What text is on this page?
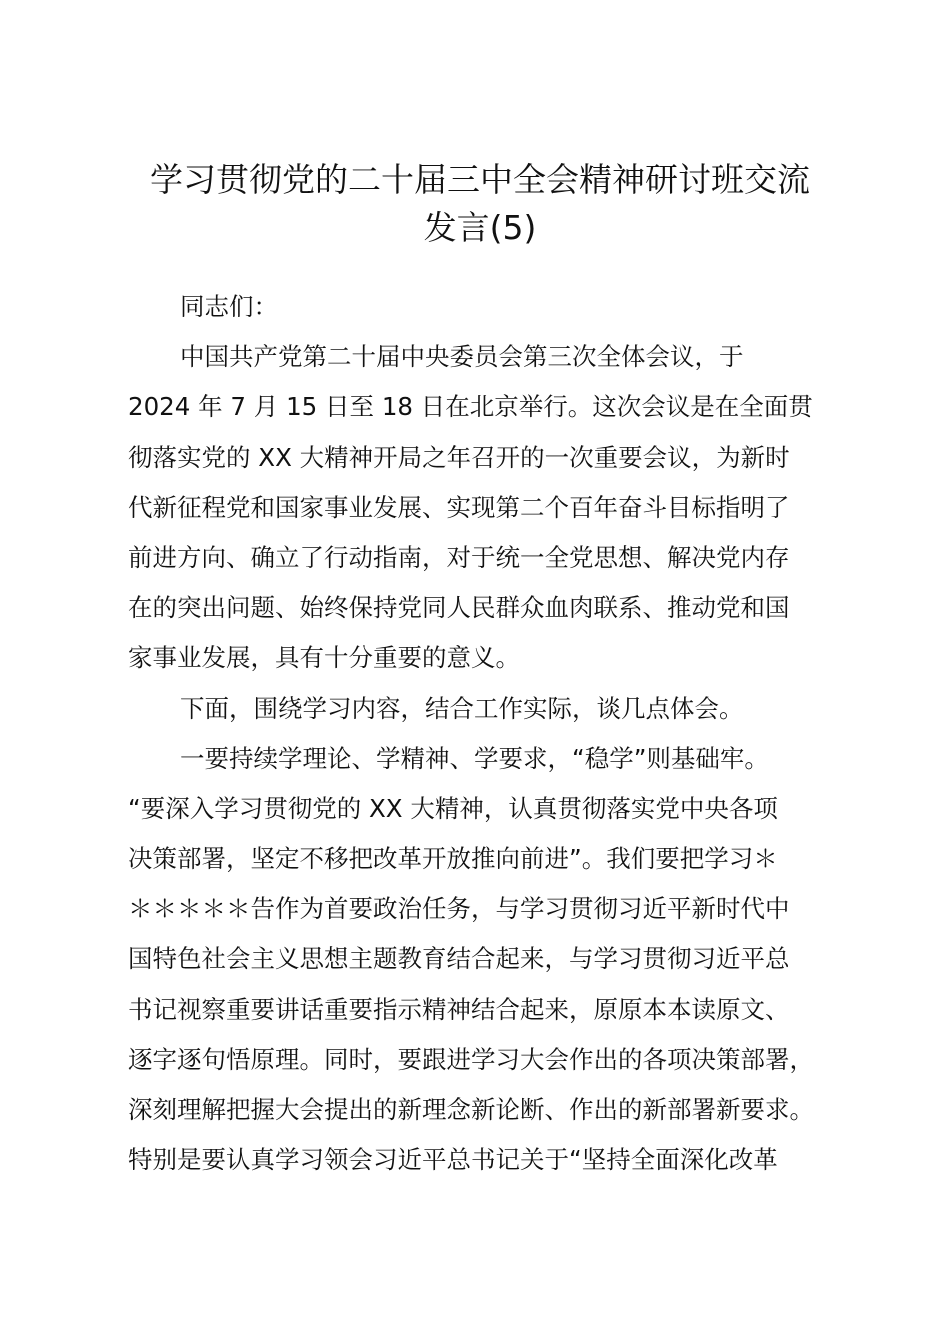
学习贯彻党的二十届三中全会精神研讨班交流
发言(5)
同志们：
中国共产党第二十届中央委员会第三次全体会议，于
2024 年 7 月 15 日至 18 日在北京举行。这次会议是在全面贯
彻落实党的 XX 大精神开局之年召开的一次重要会议，为新时
代新征程党和国家事业发展、实现第二个百年奋斗目标指明了
前进方向、确立了行动指南，对于统一全党思想、解决党内存
在的突出问题、始终保持党同人民群众血肉联系、推动党和国
家事业发展，具有十分重要的意义。
下面，围绕学习内容，结合工作实际，谈几点体会。
一要持续学理论、学精神、学要求，“稳学”则基础牢。
“要深入学习贯彻党的 XX 大精神，认真贯彻落实党中央各项
决策部署，坚定不移把改革开放推向前进”。我们要把学习＊
＊＊＊＊＊告作为首要政治任务，与学习贯彻习近平新时代中
国特色社会主义思想主题教育结合起来，与学习贯彻习近平总
书记视察重要讲话重要指示精神结合起来，原原本本读原文、
逐字逐句悟原理。同时，要跟进学习大会作出的各项决策部署，
深刻理解把握大会提出的新理念新论断、作出的新部署新要求。
特别是要认真学习领会习近平总书记关于“坚持全面深化改革
